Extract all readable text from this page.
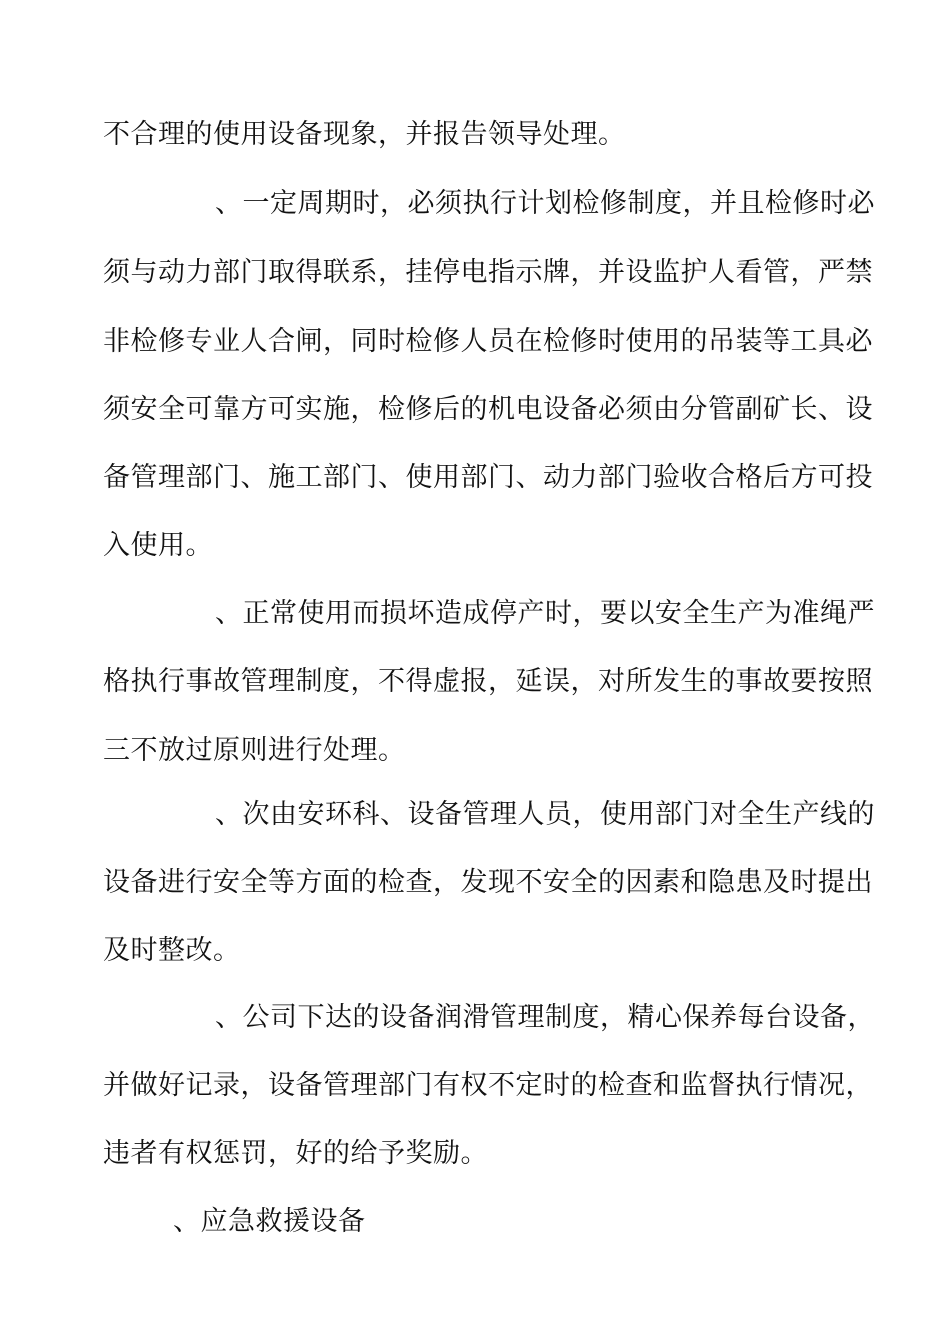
不合理的使用设备现象，并报告领导处理。
、一定周期时，必须执行计划检修制度，并且检修时必
须与动力部门取得联系，挂停电指示牌，并设监护人看管，严禁
非检修专业人合闸，同时检修人员在检修时使用的吊装等工具必
须安全可靠方可实施，检修后的机电设备必须由分管副矿长、设
备管理部门、施工部门、使用部门、动力部门验收合格后方可投
入使用。
、正常使用而损坏造成停产时，要以安全生产为准绳严
格执行事故管理制度，不得虚报，延误，对所发生的事故要按照
三不放过原则进行处理。
、次由安环科、设备管理人员，使用部门对全生产线的
设备进行安全等方面的检查，发现不安全的因素和隐患及时提出
及时整改。
、公司下达的设备润滑管理制度，精心保养每台设备，
并做好记录，设备管理部门有权不定时的检查和监督执行情况，
违者有权惩罚，好的给予奖励。
、应急救援设备
